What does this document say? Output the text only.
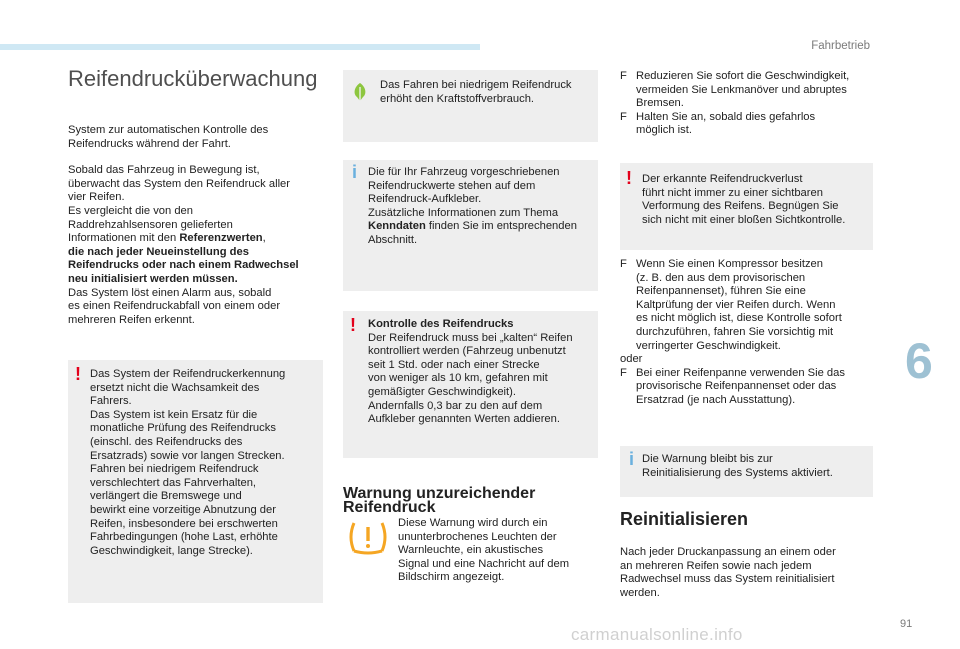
Fahrbetrieb
Reifendrucküberwachung

System zur automatischen Kontrolle des
Reifendrucks während der Fahrt.

Sobald das Fahrzeug in Bewegung ist,
überwacht das System den Reifendruck aller
vier Reifen.
Es vergleicht die von den
Raddrehzahlsensoren gelieferten
Informationen mit den Referenzwerten,
die nach jeder Neueinstellung des
Reifendrucks oder nach einem Radwechsel
neu initialisiert werden müssen.
Das System löst einen Alarm aus, sobald
es einen Reifendruckabfall von einem oder
mehreren Reifen erkennt.

! Das System der Reifendruckerkennung
ersetzt nicht die Wachsamkeit des
Fahrers.
Das System ist kein Ersatz für die
monatliche Prüfung des Reifendrucks
(einschl. des Reifendrucks des
Ersatzrads) sowie vor langen Strecken.
Fahren bei niedrigem Reifendruck
verschlechtert das Fahrverhalten,
verlängert die Bremswege und
bewirkt eine vorzeitige Abnutzung der
Reifen, insbesondere bei erschwerten
Fahrbedingungen (hohe Last, erhöhte
Geschwindigkeit, lange Strecke).

Das Fahren bei niedrigem Reifendruck
erhöht den Kraftstoffverbrauch.

i Die für Ihr Fahrzeug vorgeschriebenen
Reifendruckwerte stehen auf dem
Reifendruck-Aufkleber.
Zusätzliche Informationen zum Thema
Kenndaten finden Sie im entsprechenden
Abschnitt.

! Kontrolle des Reifendrucks
Der Reifendruck muss bei „kalten“ Reifen
kontrolliert werden (Fahrzeug unbenutzt
seit 1 Std. oder nach einer Strecke
von weniger als 10 km, gefahren mit
gemäßigter Geschwindigkeit).
Andernfalls 0,3 bar zu den auf dem
Aufkleber genannten Werten addieren.

Warnung unzureichender Reifendruck

Diese Warnung wird durch ein
ununterbrochenes Leuchten der
Warnleuchte, ein akustisches
Signal und eine Nachricht auf dem
Bildschirm angezeigt.

F Reduzieren Sie sofort die Geschwindigkeit,
vermeiden Sie Lenkmanöver und abruptes
Bremsen.

F Halten Sie an, sobald dies gefahrlos
möglich ist.

! Der erkannte Reifendruckverlust
führt nicht immer zu einer sichtbaren
Verformung des Reifens. Begnügen Sie
sich nicht mit einer bloßen Sichtkontrolle.

F Wenn Sie einen Kompressor besitzen
(z. B. den aus dem provisorischen
Reifenpannenset), führen Sie eine
Kaltprüfung der vier Reifen durch. Wenn
es nicht möglich ist, diese Kontrolle sofort
durchzuführen, fahren Sie vorsichtig mit
verringerter Geschwindigkeit.

oder

F Bei einer Reifenpanne verwenden Sie das
provisorische Reifenpannenset oder das
Ersatzrad (je nach Ausstattung).

i Die Warnung bleibt bis zur
Reinitialisierung des Systems aktiviert.

Reinitialisieren

Nach jeder Druckanpassung an einem oder
an mehreren Reifen sowie nach jedem
Radwechsel muss das System reinitialisiert
werden.

6
91
carmanualsonline.info
